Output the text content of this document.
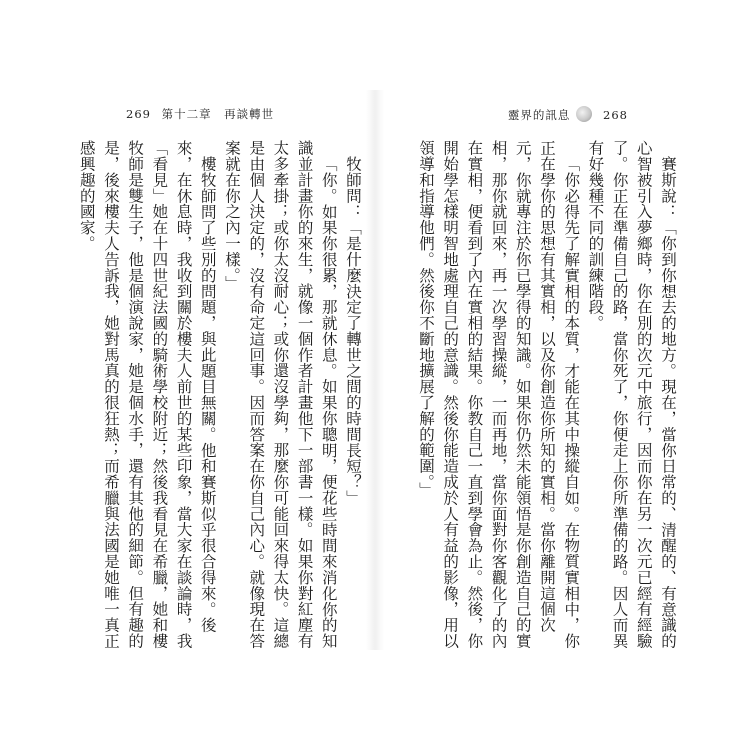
269 第十二章　再談轉世	靈界的訊息	268

賽斯說：「你到你想去的地方。現在，當你日常的、清醒的、有意識的心智被引入夢鄉時，你在別的次元中旅行，因而你在另一次元已經有經驗了。你正在準備自己的路，當你死了，你便走上你所準備的路。因人而異有好幾種不同的訓練階段。

「你必得先了解實相的本質，才能在其中操縱自如。在物質實相中，你正在學你的思想有其實相，以及你創造你所知的實相。當你離開這個次元，你就專注於你已學得的知識。如果你仍然未能領悟是你創造自己的實相，那你就回來，再一次學習操縱，一而再地，當你面對你客觀化了的內在實相，便看到了內在實相的結果。你教自己一直到學會為止。然後，你開始學怎樣明智地處理自己的意識。然後你能造成於人有益的影像，用以領導和指導他們。然後你不斷地擴展了解的範圍。」

牧師問：「是什麼決定了轉世之間的時間長短？」

「你。如果你很累，那就休息。如果你聰明，便花些時間來消化你的知識並計畫你的來生，就像一個作者計畫他下一部書一樣。如果你對紅塵有太多牽掛；或你太沒耐心；或你還沒學夠，那麼你可能回來得太快。這總是由個人決定的，沒有命定這回事。因而答案在你自己內心。就像現在答案就在你之內一樣。」

樓牧師問了些別的問題，與此題目無關。他和賽斯似乎很合得來。後來，在休息時，我收到關於樓夫人前世的某些印象，當大家在談論時，我「看見」她在十四世紀法國的騎術學校附近；然後我看見在希臘，她和樓牧師是雙生子，他是個演說家，她是個水手，還有其他的細節。但有趣的是，後來樓夫人告訴我，她對馬真的很狂熱；而希臘與法國是她唯一真正感興趣的國家。
